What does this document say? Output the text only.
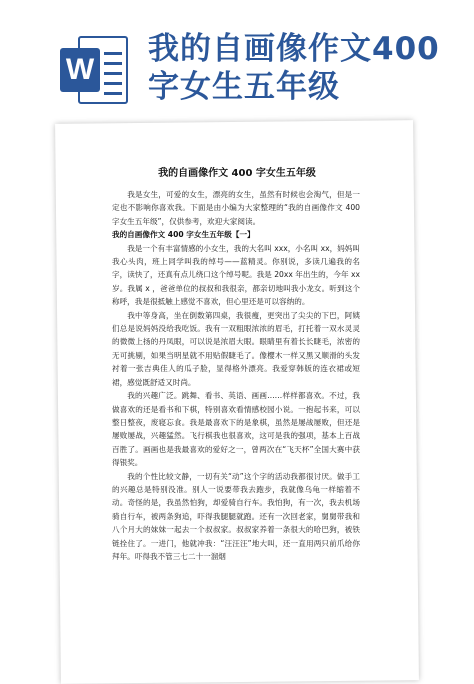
W
我的自画像作文400字女生五年级
我的自画像作文 400 字女生五年级

我是女生，可爱的女生，漂亮的女生，虽然有时候也会淘气，但是一定也不影响你喜欢我。下面是由小编为大家整理的“我的自画像作文 400 字女生五年级”，仅供参考，欢迎大家阅读。

我的自画像作文 400 字女生五年级【一】

我是一个有丰富情感的小女生，我的大名叫 xxx，小名叫 xx，妈妈叫我心头肉，班上同学叫我的绰号——蓝精灵。你别说，多读几遍我的名字，读快了，还真有点儿绕口这个绰号呢。我是 20xx 年出生的，今年 xx 岁。我属 x ，爸爸单位的叔叔和我很亲，都亲切地叫我小龙女。听到这个称呼，我是很抵触上感觉不喜欢，但心里还是可以容纳的。

我中等身高，坐在倒数第四桌，我很瘦，更突出了尖尖的下巴，阿姨们总是说妈妈没给我吃饭。我有一双粗眼浓浓的眉毛，打托着一双水灵灵的微微上扬的丹凤眼，可以说是浓眉大眼。眼睛里有着长长睫毛，浓密的无可挑剔，如果当明星就不用贴假睫毛了。像樱木一样又黑又顺滑的头发衬着一张吉典佳人的瓜子脸，显得格外漂亮。我爱穿韩版的连衣裙或短裙，感觉既舒适又时尚。

我的兴趣广泛。跳舞、看书、英语、画画……样样都喜欢。不过，我做喜欢的还是看书和下棋，特别喜欢看情感校园小说。一抱起书来，可以整日整夜，废寝忘食。我是最喜欢下的是象棋，虽然是屡战屡败，但还是屡败屡战，兴趣猛然。飞行棋我也很喜欢，这可是我的强项，基本上百战百胜了。画画也是我最喜欢的爱好之一，曾两次在“飞天杯”全国大赛中获得银奖。

我的个性比较文静，一切有关“动”这个字的活动我都很讨厌。做手工的兴趣总是特别没准。别人一说要带我去跑步，我就像乌龟一样缩着不动。奇怪的是，我虽然怕狗，却爱骑自行车。我怕狗，有一次，我去机场骑自行车，被两条狗追，吓得我腿腿就跑。还有一次回老家，舅舅带我和八个月大的妹妹一起去一个叔叔家。叔叔家养着一条很大的哈巴狗，被铁链拴住了。一进门，他就冲我：“汪汪汪”地大叫，还一直用两只前爪给你拜年。吓得我不管三七二十一溜烟
